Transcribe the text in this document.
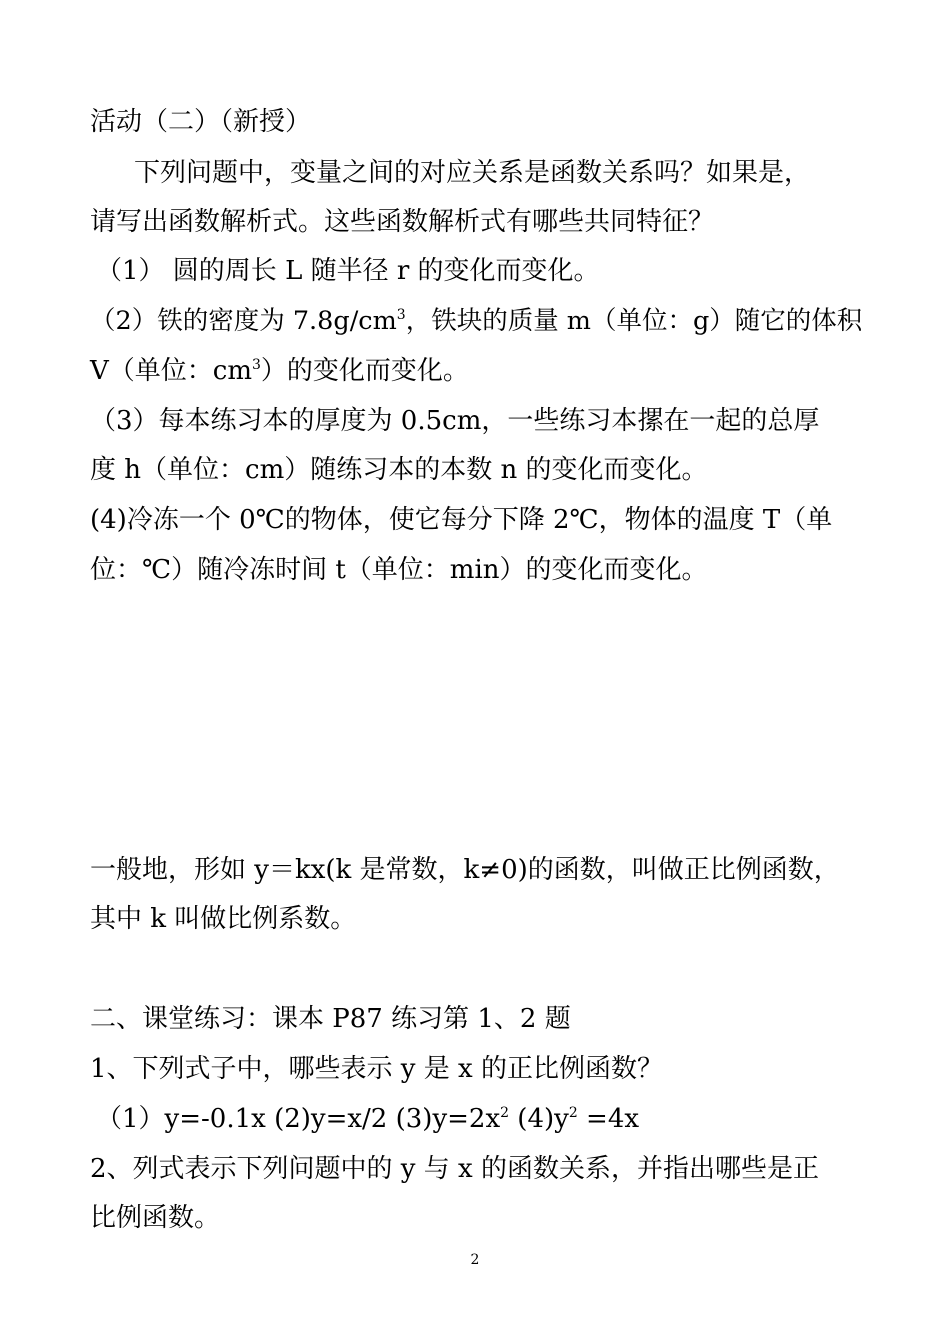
活动（二）（新授）

下列问题中，变量之间的对应关系是函数关系吗？如果是，

请写出函数解析式。这些函数解析式有哪些共同特征？

（1） 圆的周长 L 随半径 r 的变化而变化。

（2）铁的密度为 $7.8g/cm^3$，铁块的质量 m（单位：g）随它的体积

V（单位：$cm^3$）的变化而变化。

（3）每本练习本的厚度为 0.5cm，一些练习本摞在一起的总厚

度 h（单位：cm）随练习本的本数 n 的变化而变化。

(4)冷冻一个 0℃的物体，使它每分下降 2℃，物体的温度 T（单

位：℃）随冷冻时间 t（单位：min）的变化而变化。

一般地，形如 y＝kx(k 是常数，k≠0)的函数，叫做正比例函数，

其中 k 叫做比例系数。

二、课堂练习：课本 P87 练习第 1、2 题

1、下列式子中，哪些表示 y 是 x 的正比例函数？

（1）y=-0.1x (2)y=x/2 $(3)y=2x^2$ $(4)y^2 =4x$

2、列式表示下列问题中的 y 与 x 的函数关系，并指出哪些是正

比例函数。

2
